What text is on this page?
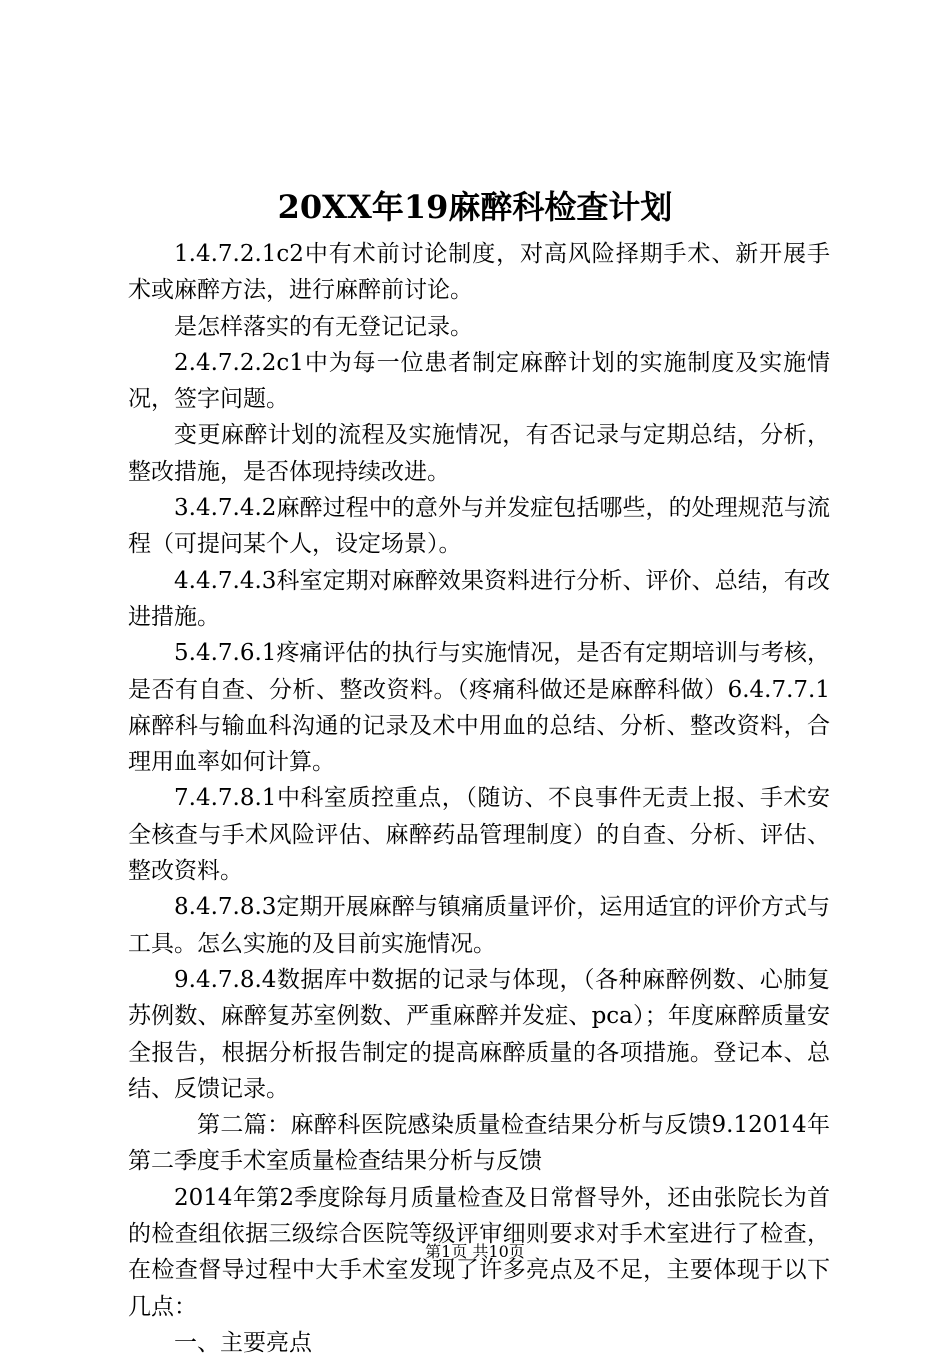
20XX年19麻醉科检查计划

1.4.7.2.1c2中有术前讨论制度，对高风险择期手术、新开展手术或麻醉方法，进行麻醉前讨论。

是怎样落实的有无登记记录。

2.4.7.2.2c1中为每一位患者制定麻醉计划的实施制度及实施情况，签字问题。

变更麻醉计划的流程及实施情况，有否记录与定期总结，分析，整改措施，是否体现持续改进。

3.4.7.4.2麻醉过程中的意外与并发症包括哪些，的处理规范与流程（可提问某个人，设定场景）。

4.4.7.4.3科室定期对麻醉效果资料进行分析、评价、总结，有改进措施。

5.4.7.6.1疼痛评估的执行与实施情况，是否有定期培训与考核，是否有自查、分析、整改资料。（疼痛科做还是麻醉科做）6.4.7.7.1麻醉科与输血科沟通的记录及术中用血的总结、分析、整改资料，合理用血率如何计算。

7.4.7.8.1中科室质控重点，（随访、不良事件无责上报、手术安全核查与手术风险评估、麻醉药品管理制度）的自查、分析、评估、整改资料。

8.4.7.8.3定期开展麻醉与镇痛质量评价，运用适宜的评价方式与工具。怎么实施的及目前实施情况。

9.4.7.8.4数据库中数据的记录与体现，（各种麻醉例数、心肺复苏例数、麻醉复苏室例数、严重麻醉并发症、pca）；年度麻醉质量安全报告，根据分析报告制定的提高麻醉质量的各项措施。登记本、总结、反馈记录。

第二篇：麻醉科医院感染质量检查结果分析与反馈9.12014年第二季度手术室质量检查结果分析与反馈

2014年第2季度除每月质量检查及日常督导外，还由张院长为首的检查组依据三级综合医院等级评审细则要求对手术室进行了检查，在检查督导过程中大手术室发现了许多亮点及不足，主要体现于以下几点：

一、主要亮点

第1页 共10页
